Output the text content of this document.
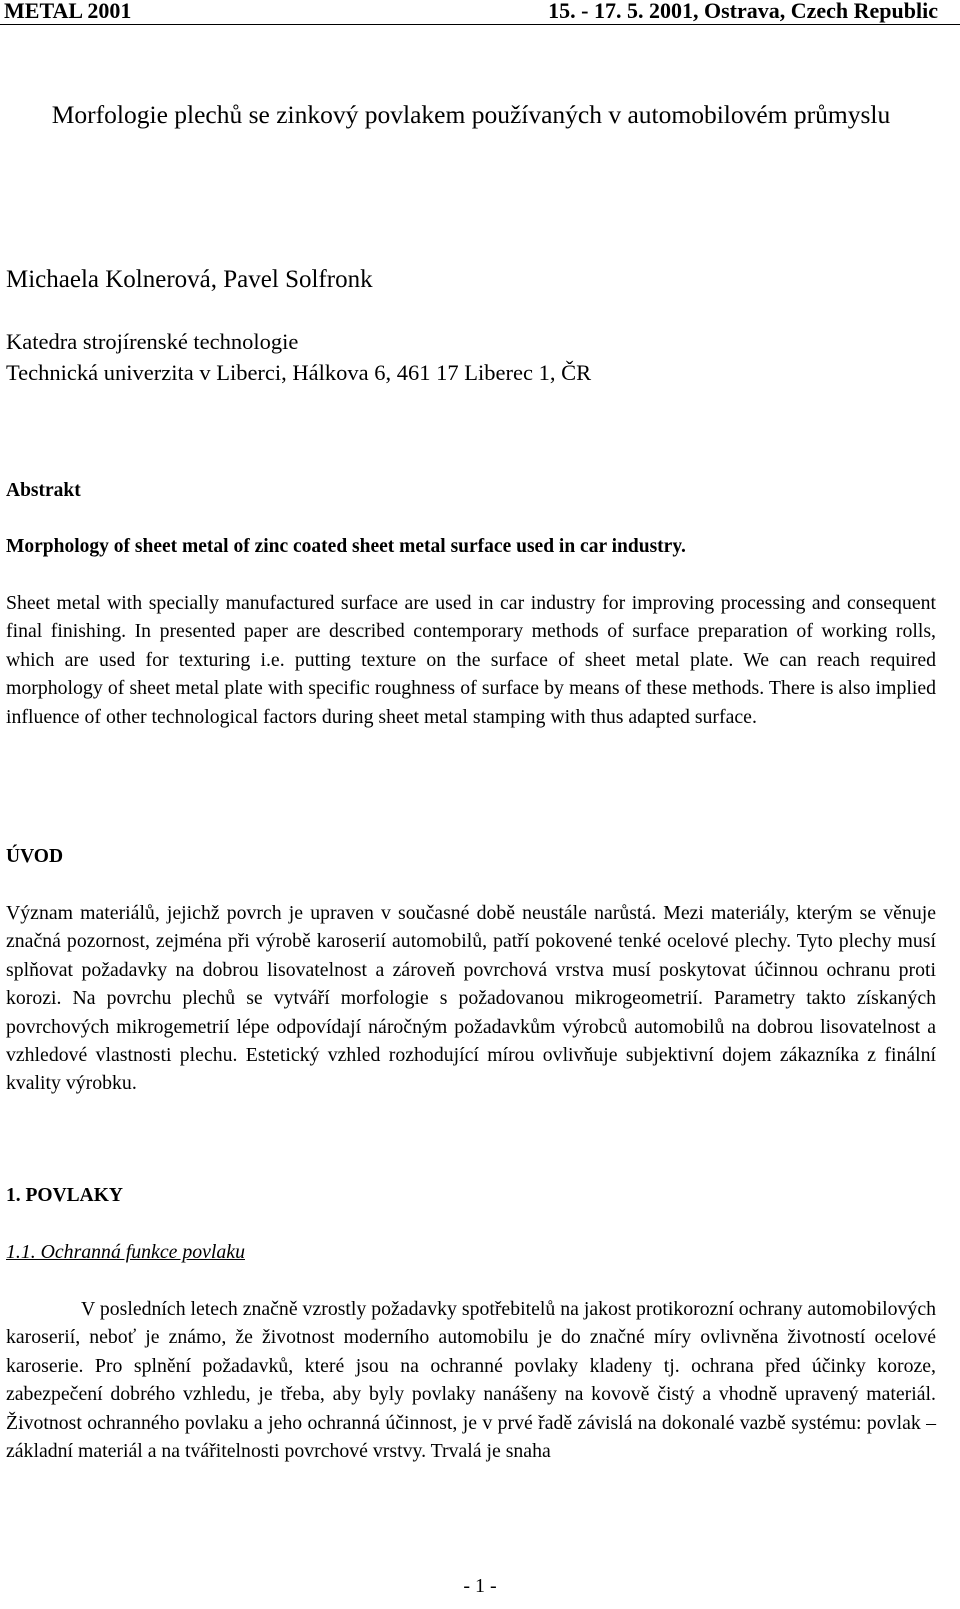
METAL 2001	15. - 17. 5. 2001, Ostrava, Czech Republic
Morfologie plechů se zinkový povlakem používaných v automobilovém průmyslu
Michaela Kolnerová, Pavel Solfronk
Katedra strojírenské technologie
Technická univerzita v Liberci, Hálkova 6, 461 17 Liberec 1, ČR
Abstrakt
Morphology of sheet metal of zinc coated sheet metal surface used in car industry.
Sheet metal with specially manufactured surface are used in car industry for improving processing and consequent final finishing. In presented paper are described contemporary methods of surface preparation of working rolls, which are used for texturing i.e. putting texture on the surface of sheet metal plate. We can reach required morphology of sheet metal plate with specific roughness of surface by means of these methods. There is also implied influence of other technological factors during sheet metal stamping with thus adapted surface.
ÚVOD
Význam materiálů, jejichž povrch je upraven v současné době neustále narůstá. Mezi materiály, kterým se věnuje značná pozornost, zejména při výrobě karoserií automobilů, patří pokovené tenké ocelové plechy. Tyto plechy musí splňovat požadavky na dobrou lisovatelnost a zároveň povrchová vrstva musí poskytovat účinnou ochranu proti korozi. Na povrchu plechů se vytváří morfologie s požadovanou mikrogeometrií. Parametry takto získaných povrchových mikrogemetrií lépe odpovídají náročným požadavkům výrobců automobilů na dobrou lisovatelnost a vzhledové vlastnosti plechu. Estetický vzhled rozhodující mírou ovlivňuje subjektivní dojem zákazníka z finální kvality výrobku.
1. POVLAKY
1.1. Ochranná funkce povlaku
V posledních letech značně vzrostly požadavky spotřebitelů na jakost protikorozní ochrany automobilových karoserií, neboť je známo, že životnost moderního automobilu je do značné míry ovlivněna životností ocelové karoserie. Pro splnění požadavků, které jsou na ochranné povlaky kladeny tj. ochrana před účinky koroze, zabezpečení dobrého vzhledu, je třeba, aby byly povlaky nanášeny na kovově čistý a vhodně upravený materiál. Životnost ochranného povlaku a jeho ochranná účinnost, je v prvé řadě závislá na dokonalé vazbě systému: povlak – základní materiál a na tvářitelnosti povrchové vrstvy. Trvalá je snaha
- 1 -
